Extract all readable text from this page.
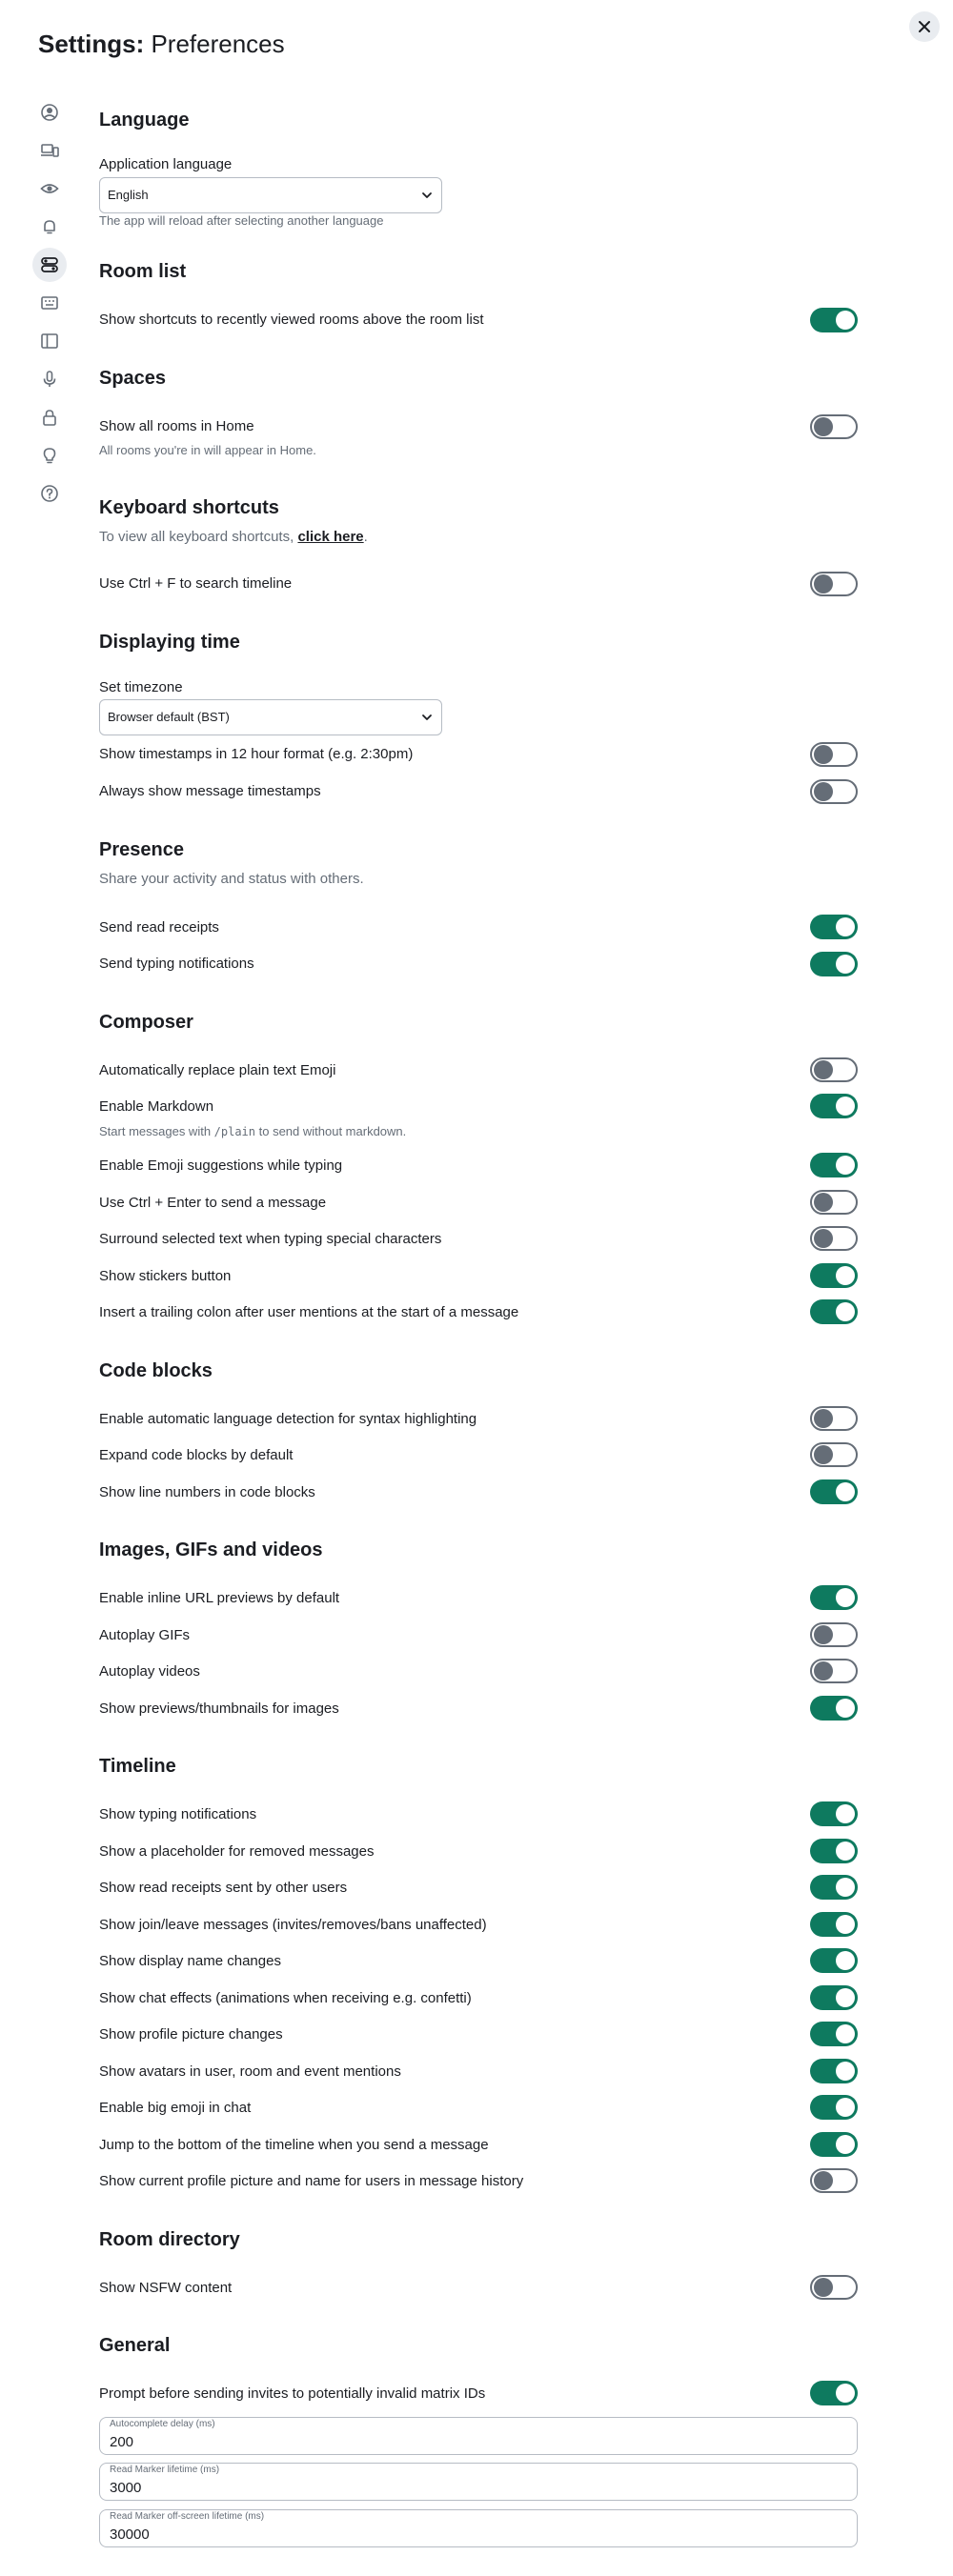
Settings: Preferences
Language
Application language
English
The app will reload after selecting another language
Room list
Show shortcuts to recently viewed rooms above the room list
Spaces
Show all rooms in Home
All rooms you're in will appear in Home.
Keyboard shortcuts
To view all keyboard shortcuts, click here.
Use Ctrl + F to search timeline
Displaying time
Set timezone
Browser default (BST)
Show timestamps in 12 hour format (e.g. 2:30pm)
Always show message timestamps
Presence
Share your activity and status with others.
Send read receipts
Send typing notifications
Composer
Automatically replace plain text Emoji
Enable Markdown
Start messages with /plain to send without markdown.
Enable Emoji suggestions while typing
Use Ctrl + Enter to send a message
Surround selected text when typing special characters
Show stickers button
Insert a trailing colon after user mentions at the start of a message
Code blocks
Enable automatic language detection for syntax highlighting
Expand code blocks by default
Show line numbers in code blocks
Images, GIFs and videos
Enable inline URL previews by default
Autoplay GIFs
Autoplay videos
Show previews/thumbnails for images
Timeline
Show typing notifications
Show a placeholder for removed messages
Show read receipts sent by other users
Show join/leave messages (invites/removes/bans unaffected)
Show display name changes
Show chat effects (animations when receiving e.g. confetti)
Show profile picture changes
Show avatars in user, room and event mentions
Enable big emoji in chat
Jump to the bottom of the timeline when you send a message
Show current profile picture and name for users in message history
Room directory
Show NSFW content
General
Prompt before sending invites to potentially invalid matrix IDs
Autocomplete delay (ms)
200
Read Marker lifetime (ms)
3000
Read Marker off-screen lifetime (ms)
30000
